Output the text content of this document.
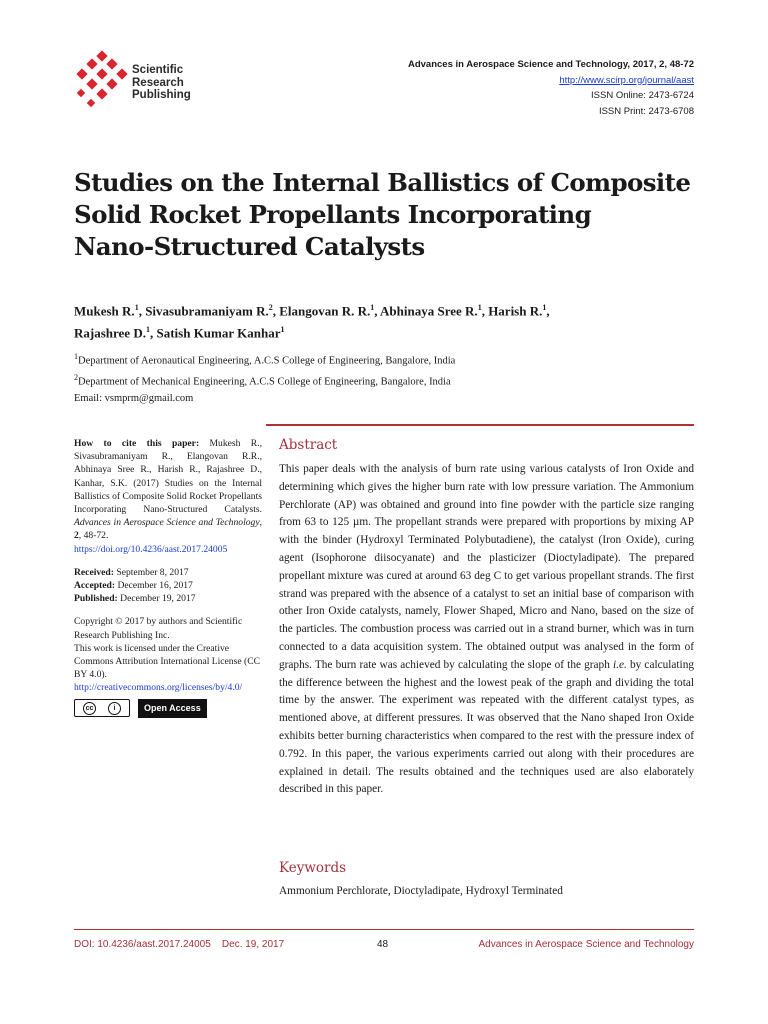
Scientific
Research
Publishing
Advances in Aerospace Science and Technology, 2017, 2, 48-72
http://www.scirp.org/journal/aast
ISSN Online: 2473-6724
ISSN Print: 2473-6708
Studies on the Internal Ballistics of Composite
Solid Rocket Propellants Incorporating
Nano-Structured Catalysts
Mukesh R.$^1$, Sivasubramaniyam R.$^2$, Elangovan R. R.$^1$, Abhinaya Sree R.$^1$, Harish R.$^1$,
Rajashree D.$^1$, Satish Kumar Kanhar$^1$
$^1$Department of Aeronautical Engineering, A.C.S College of Engineering, Bangalore, India
$^2$Department of Mechanical Engineering, A.C.S College of Engineering, Bangalore, India
Email: vsmprm@gmail.com
How to cite this paper: Mukesh R., Sivasubramaniyam R., Elangovan R.R., Abhinaya Sree R., Harish R., Rajashree D., Kanhar, S.K. (2017) Studies on the Internal Ballistics of Composite Solid Rocket Propellants Incorporating Nano-Structured Catalysts. Advances in Aerospace Science and Technology, 2, 48-72.
https://doi.org/10.4236/aast.2017.24005
Received: September 8, 2017
Accepted: December 16, 2017
Published: December 19, 2017
Copyright © 2017 by authors and Scientific Research Publishing Inc.
This work is licensed under the Creative Commons Attribution International License (CC BY 4.0).
http://creativecommons.org/licenses/by/4.0/
cc	i	Open Access
Abstract
This paper deals with the analysis of burn rate using various catalysts of Iron Oxide and determining which gives the higher burn rate with low pressure variation. The Ammonium Perchlorate (AP) was obtained and ground into fine powder with the particle size ranging from 63 to 125 µm. The propellant strands were prepared with proportions by mixing AP with the binder (Hydroxyl Terminated Polybutadiene), the catalyst (Iron Oxide), curing agent (Isophorone diisocyanate) and the plasticizer (Dioctyladipate). The prepared propellant mixture was cured at around 63 deg C to get various propellant strands. The first strand was prepared with the absence of a catalyst to set an initial base of comparison with other Iron Oxide catalysts, namely, Flower Shaped, Micro and Nano, based on the size of the particles. The combustion process was carried out in a strand burner, which was in turn connected to a data acquisition system. The obtained output was analysed in the form of graphs. The burn rate was achieved by calculating the slope of the graph i.e. by calculating the difference between the highest and the lowest peak of the graph and dividing the total time by the answer. The experiment was repeated with the different catalyst types, as mentioned above, at different pressures. It was observed that the Nano shaped Iron Oxide exhibits better burning characteristics when compared to the rest with the pressure index of 0.792. In this paper, the various experiments carried out along with their procedures are explained in detail. The results obtained and the techniques used are also elaborately described in this paper.
Keywords
Ammonium Perchlorate, Dioctyladipate, Hydroxyl Terminated
DOI: 10.4236/aast.2017.24005 Dec. 19, 2017	48	Advances in Aerospace Science and Technology
